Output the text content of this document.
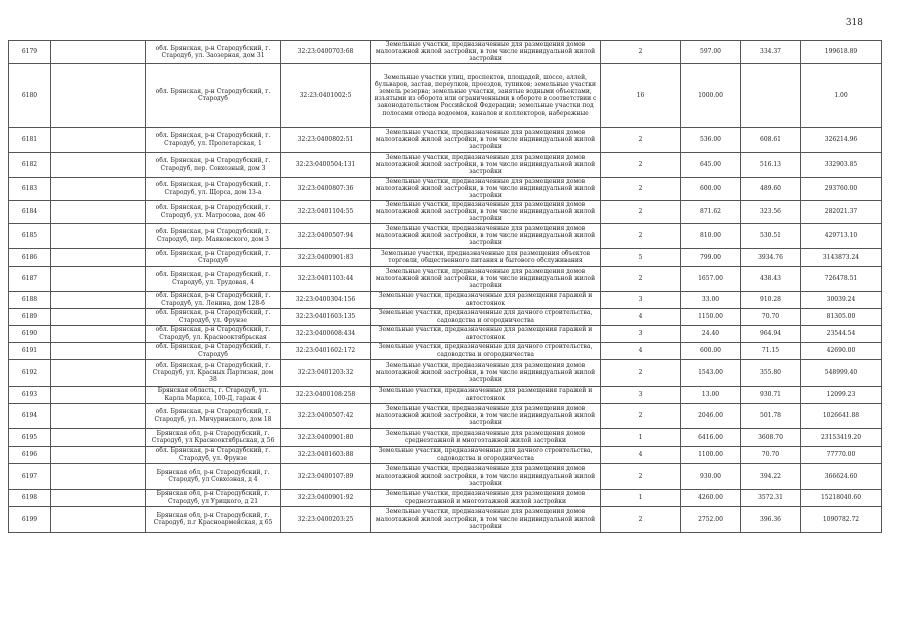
318
6179		обл. Брянская, р-н Стародубский, г. Стародуб, ул. Заозерная, дом 31	32:23:0400703:68	Земельные участки, предназначенные для размещения домов малоэтажной жилой застройки, в том числе индивидуальной жилой застройки	2	597.00	334.37	199618.89
6180		обл. Брянская, р-н Стародубский, г. Стародуб	32:23:0401002:5	Земельные участки улиц, проспектов, площадей, шоссе, аллей, бульваров, застав, переулков, проездов, тупиков; земельные участки земель резерва; земельные участки, занятые водными объектами, изъятыми из оборота или ограниченными в обороте в соответствии с законодательством Российской Федерации; земельные участки под полосами отвода водоемов, каналов и коллекторов, набережные	16	1000.00		1.00
6181		обл. Брянская, р-н Стародубский, г. Стародуб, ул. Пролетарская, 1	32:23:0400802:51	Земельные участки, предназначенные для размещения домов малоэтажной жилой застройки, в том числе индивидуальной жилой застройки	2	536.00	608.61	326214.96
6182		обл. Брянская, р-н Стародубский, г. Стародуб, пер. Совхозный, дом 3	32:23:0400504:131	Земельные участки, предназначенные для размещения домов малоэтажной жилой застройки, в том числе индивидуальной жилой застройки	2	645.00	516.13	332903.85
6183		обл. Брянская, р-н Стародубский, г. Стародуб, ул. Щорса, дом 13-а	32:23:0400807:36	Земельные участки, предназначенные для размещения домов малоэтажной жилой застройки, в том числе индивидуальной жилой застройки	2	600.00	489.60	293760.00
6184		обл. Брянская, р-н Стародубский, г. Стародуб, ул. Матросова, дом 46	32:23:0401104:55	Земельные участки, предназначенные для размещения домов малоэтажной жилой застройки, в том числе индивидуальной жилой застройки	2	871.62	323.56	282021.37
6185		обл. Брянская, р-н Стародубский, г. Стародуб, пер. Маяковского, дом 3	32:23:0400507:94	Земельные участки, предназначенные для размещения домов малоэтажной жилой застройки, в том числе индивидуальной жилой застройки	2	810.00	530.51	429713.10
6186		обл. Брянская, р-н Стародубский, г. Стародуб	32:23:0400901:83	Земельные участки, предназначенные для размещения объектов торговли, общественного питания и бытового обслуживания	5	799.00	3934.76	3143873.24
6187		обл. Брянская, р-н Стародубский, г. Стародуб, ул. Трудовая, 4	32:23:0401103:44	Земельные участки, предназначенные для размещения домов малоэтажной жилой застройки, в том числе индивидуальной жилой застройки	2	1657.00	438.43	726478.51
6188		обл. Брянская, р-н Стародубский, г. Стародуб, ул. Ленина, дом 128-б	32:23:0400304:156	Земельные участки, предназначенные для размещения гаражей и автостоянок	3	33.00	910.28	30039.24
6189		обл. Брянская, р-н Стародубский, г. Стародуб, ул. Фрунзе	32:23:0401603:135	Земельные участки, предназначенные для дачного строительства, садоводства и огородничества	4	1150.00	70.70	81305.00
6190		обл. Брянская, р-н Стародубский, г. Стародуб, ул. Краснооктябрьская	32:23:0400608:434	Земельные участки, предназначенные для размещения гаражей и автостоянок	3	24.40	964.94	23544.54
6191		обл. Брянская, р-н Стародубский, г. Стародуб	32:23:0401602:172	Земельные участки, предназначенные для дачного строительства, садоводства и огородничества	4	600.00	71.15	42690.00
6192		обл. Брянская, р-н Стародубский, г. Стародуб, ул. Красных Партизан, дом 38	32:23:0401203:32	Земельные участки, предназначенные для размещения домов малоэтажной жилой застройки, в том числе индивидуальной жилой застройки	2	1543.00	355.80	548999.40
6193		Брянская область, г. Стародуб, ул. Карла Маркса, 100-Д, гараж 4	32:23:0400108:258	Земельные участки, предназначенные для размещения гаражей и автостоянок	3	13.00	930.71	12099.23
6194		обл. Брянская, р-н Стародубский, г. Стародуб, ул. Мичуринского, дом 18	32:23:0400507:42	Земельные участки, предназначенные для размещения домов малоэтажной жилой застройки, в том числе индивидуальной жилой застройки	2	2046.00	501.78	1026641.88
6195		Брянская обл, р-н Стародубский, г. Стародуб, ул Краснооктябрьская, д 56	32:23:0400901:80	Земельные участки, предназначенные для размещения домов среднеэтажной и многоэтажной жилой застройки	1	6416.00	3608.70	23153419.20
6196		обл. Брянская, р-н Стародубский, г. Стародуб, ул. Фрунзе	32:23:0401603:88	Земельные участки, предназначенные для дачного строительства, садоводства и огородничества	4	1100.00	70.70	77770.00
6197		Брянская обл, р-н Стародубский, г. Стародуб, ул Совхозная, д 4	32:23:0400107:89	Земельные участки, предназначенные для размещения домов малоэтажной жилой застройки, в том числе индивидуальной жилой застройки	2	930.00	394.22	366624.60
6198		Брянская обл, р-н Стародубский, г. Стародуб, ул Урицкого, д 21	32:23:0400901:92	Земельные участки, предназначенные для размещения домов среднеэтажной и многоэтажной жилой застройки	1	4260.00	3572.31	15218040.60
6199		Брянская обл, р-н Стародубский, г. Стародуб, п.г Красноармейская, д 65	32:23:0400203:25	Земельные участки, предназначенные для размещения домов малоэтажной жилой застройки, в том числе индивидуальной жилой застройки	2	2752.00	396.36	1090782.72
